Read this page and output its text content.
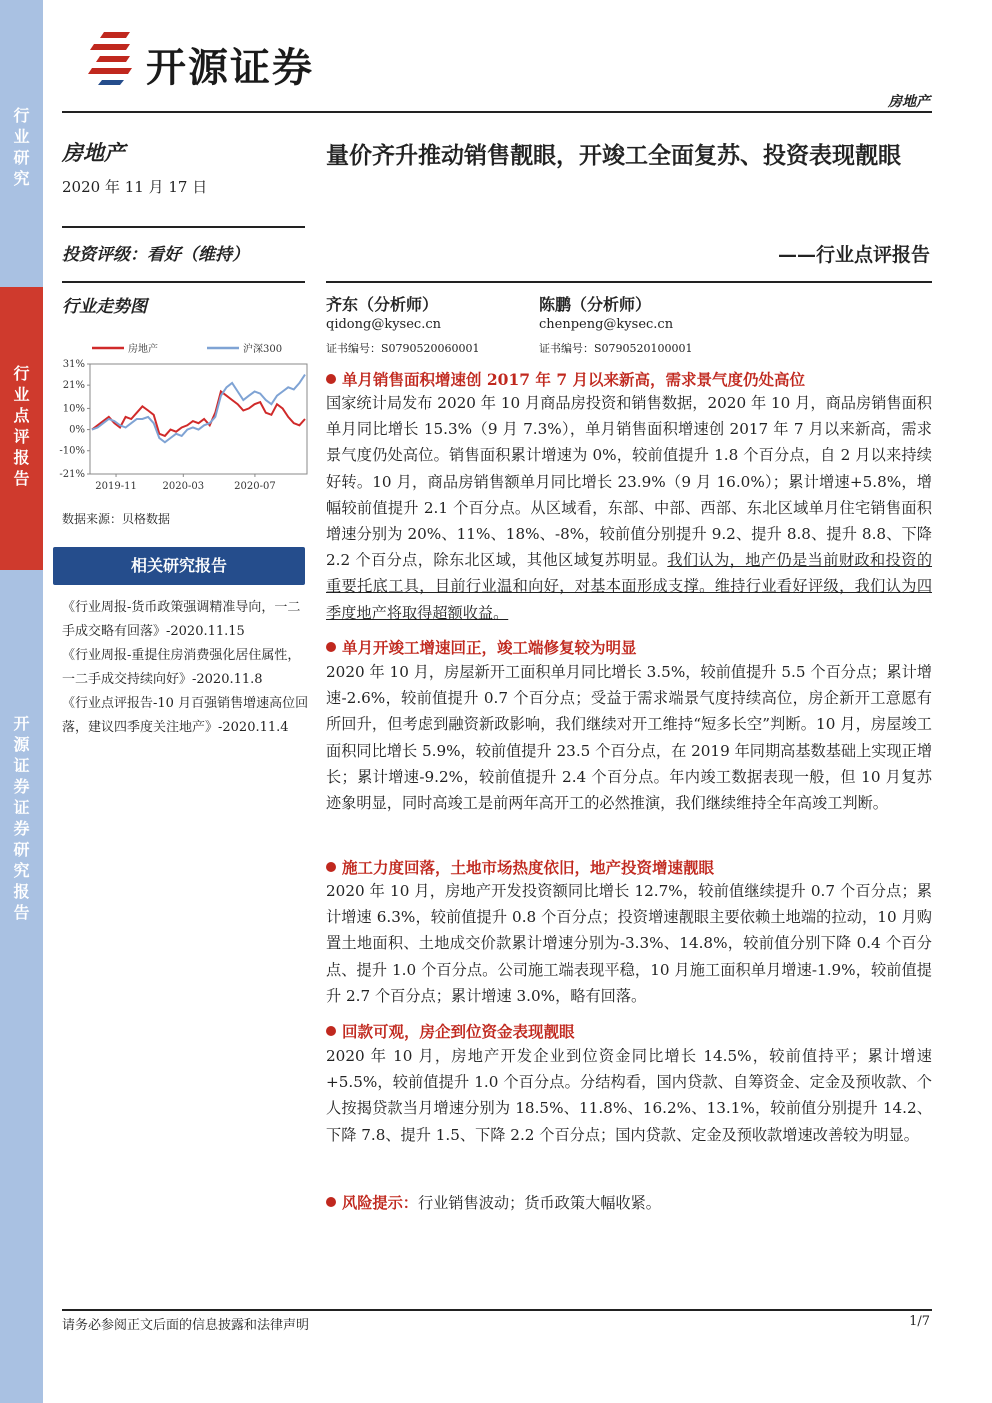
行
业
研
究
行
业
点
评
报
告
开
源
证
券
证
券
研
究
报
告
开源证券
房地产
房地产
2020 年 11 月 17 日
投资评级：看好（维持）
行业走势图
房地产	沪深300
31%
21%
10%
0%
-10%
-21%
2019-11	2020-03	2020-07
数据来源：贝格数据
相关研究报告

《行业周报-货币政策强调精准导向，一二手成交略有回落》-2020.11.15

《行业周报-重提住房消费强化居住属性，一二手成交持续向好》-2020.11.8

《行业点评报告-10 月百强销售增速高位回落，建议四季度关注地产》-2020.11.4

量价齐升推动销售靓眼，开竣工全面复苏、投资表现靓眼
——行业点评报告
齐东（分析师）
qidong@kysec.cn
证书编号：S0790520060001
陈鹏（分析师）
chenpeng@kysec.cn
证书编号：S0790520100001
单月销售面积增速创 2017 年 7 月以来新高，需求景气度仍处高位
国家统计局发布 2020 年 10 月商品房投资和销售数据，2020 年 10 月，商品房销售面积单月同比增长 15.3%（9 月 7.3%），单月销售面积增速创 2017 年 7 月以来新高，需求景气度仍处高位。销售面积累计增速为 0%，较前值提升 1.8 个百分点，自 2 月以来持续好转。10 月，商品房销售额单月同比增长 23.9%（9 月 16.0%）；累计增速+5.8%，增幅较前值提升 2.1 个百分点。从区域看，东部、中部、西部、东北区域单月住宅销售面积增速分别为 20%、11%、18%、-8%，较前值分别提升 9.2、提升 8.8、提升 8.8、下降 2.2 个百分点，除东北区域，其他区域复苏明显。我们认为，地产仍是当前财政和投资的重要托底工具，目前行业温和向好，对基本面形成支撑。维持行业看好评级，我们认为四季度地产将取得超额收益。
单月开竣工增速回正，竣工端修复较为明显
2020 年 10 月，房屋新开工面积单月同比增长 3.5%，较前值提升 5.5 个百分点；累计增速-2.6%，较前值提升 0.7 个百分点；受益于需求端景气度持续高位，房企新开工意愿有所回升，但考虑到融资新政影响，我们继续对开工维持“短多长空”判断。10 月，房屋竣工面积同比增长 5.9%，较前值提升 23.5 个百分点，在 2019 年同期高基数基础上实现正增长；累计增速-9.2%，较前值提升 2.4 个百分点。年内竣工数据表现一般，但 10 月复苏迹象明显，同时高竣工是前两年高开工的必然推演，我们继续维持全年高竣工判断。
施工力度回落，土地市场热度依旧，地产投资增速靓眼
2020 年 10 月，房地产开发投资额同比增长 12.7%，较前值继续提升 0.7 个百分点；累计增速 6.3%，较前值提升 0.8 个百分点；投资增速靓眼主要依赖土地端的拉动，10 月购置土地面积、土地成交价款累计增速分别为-3.3%、14.8%，较前值分别下降 0.4 个百分点、提升 1.0 个百分点。公司施工端表现平稳，10 月施工面积单月增速-1.9%，较前值提升 2.7 个百分点；累计增速 3.0%，略有回落。
回款可观，房企到位资金表现靓眼
2020 年 10 月，房地产开发企业到位资金同比增长 14.5%，较前值持平；累计增速+5.5%，较前值提升 1.0 个百分点。分结构看，国内贷款、自筹资金、定金及预收款、个人按揭贷款当月增速分别为 18.5%、11.8%、16.2%、13.1%，较前值分别提升 14.2、下降 7.8、提升 1.5、下降 2.2 个百分点；国内贷款、定金及预收款增速改善较为明显。
风险提示：行业销售波动；货币政策大幅收紧。
请务必参阅正文后面的信息披露和法律声明	1/7
